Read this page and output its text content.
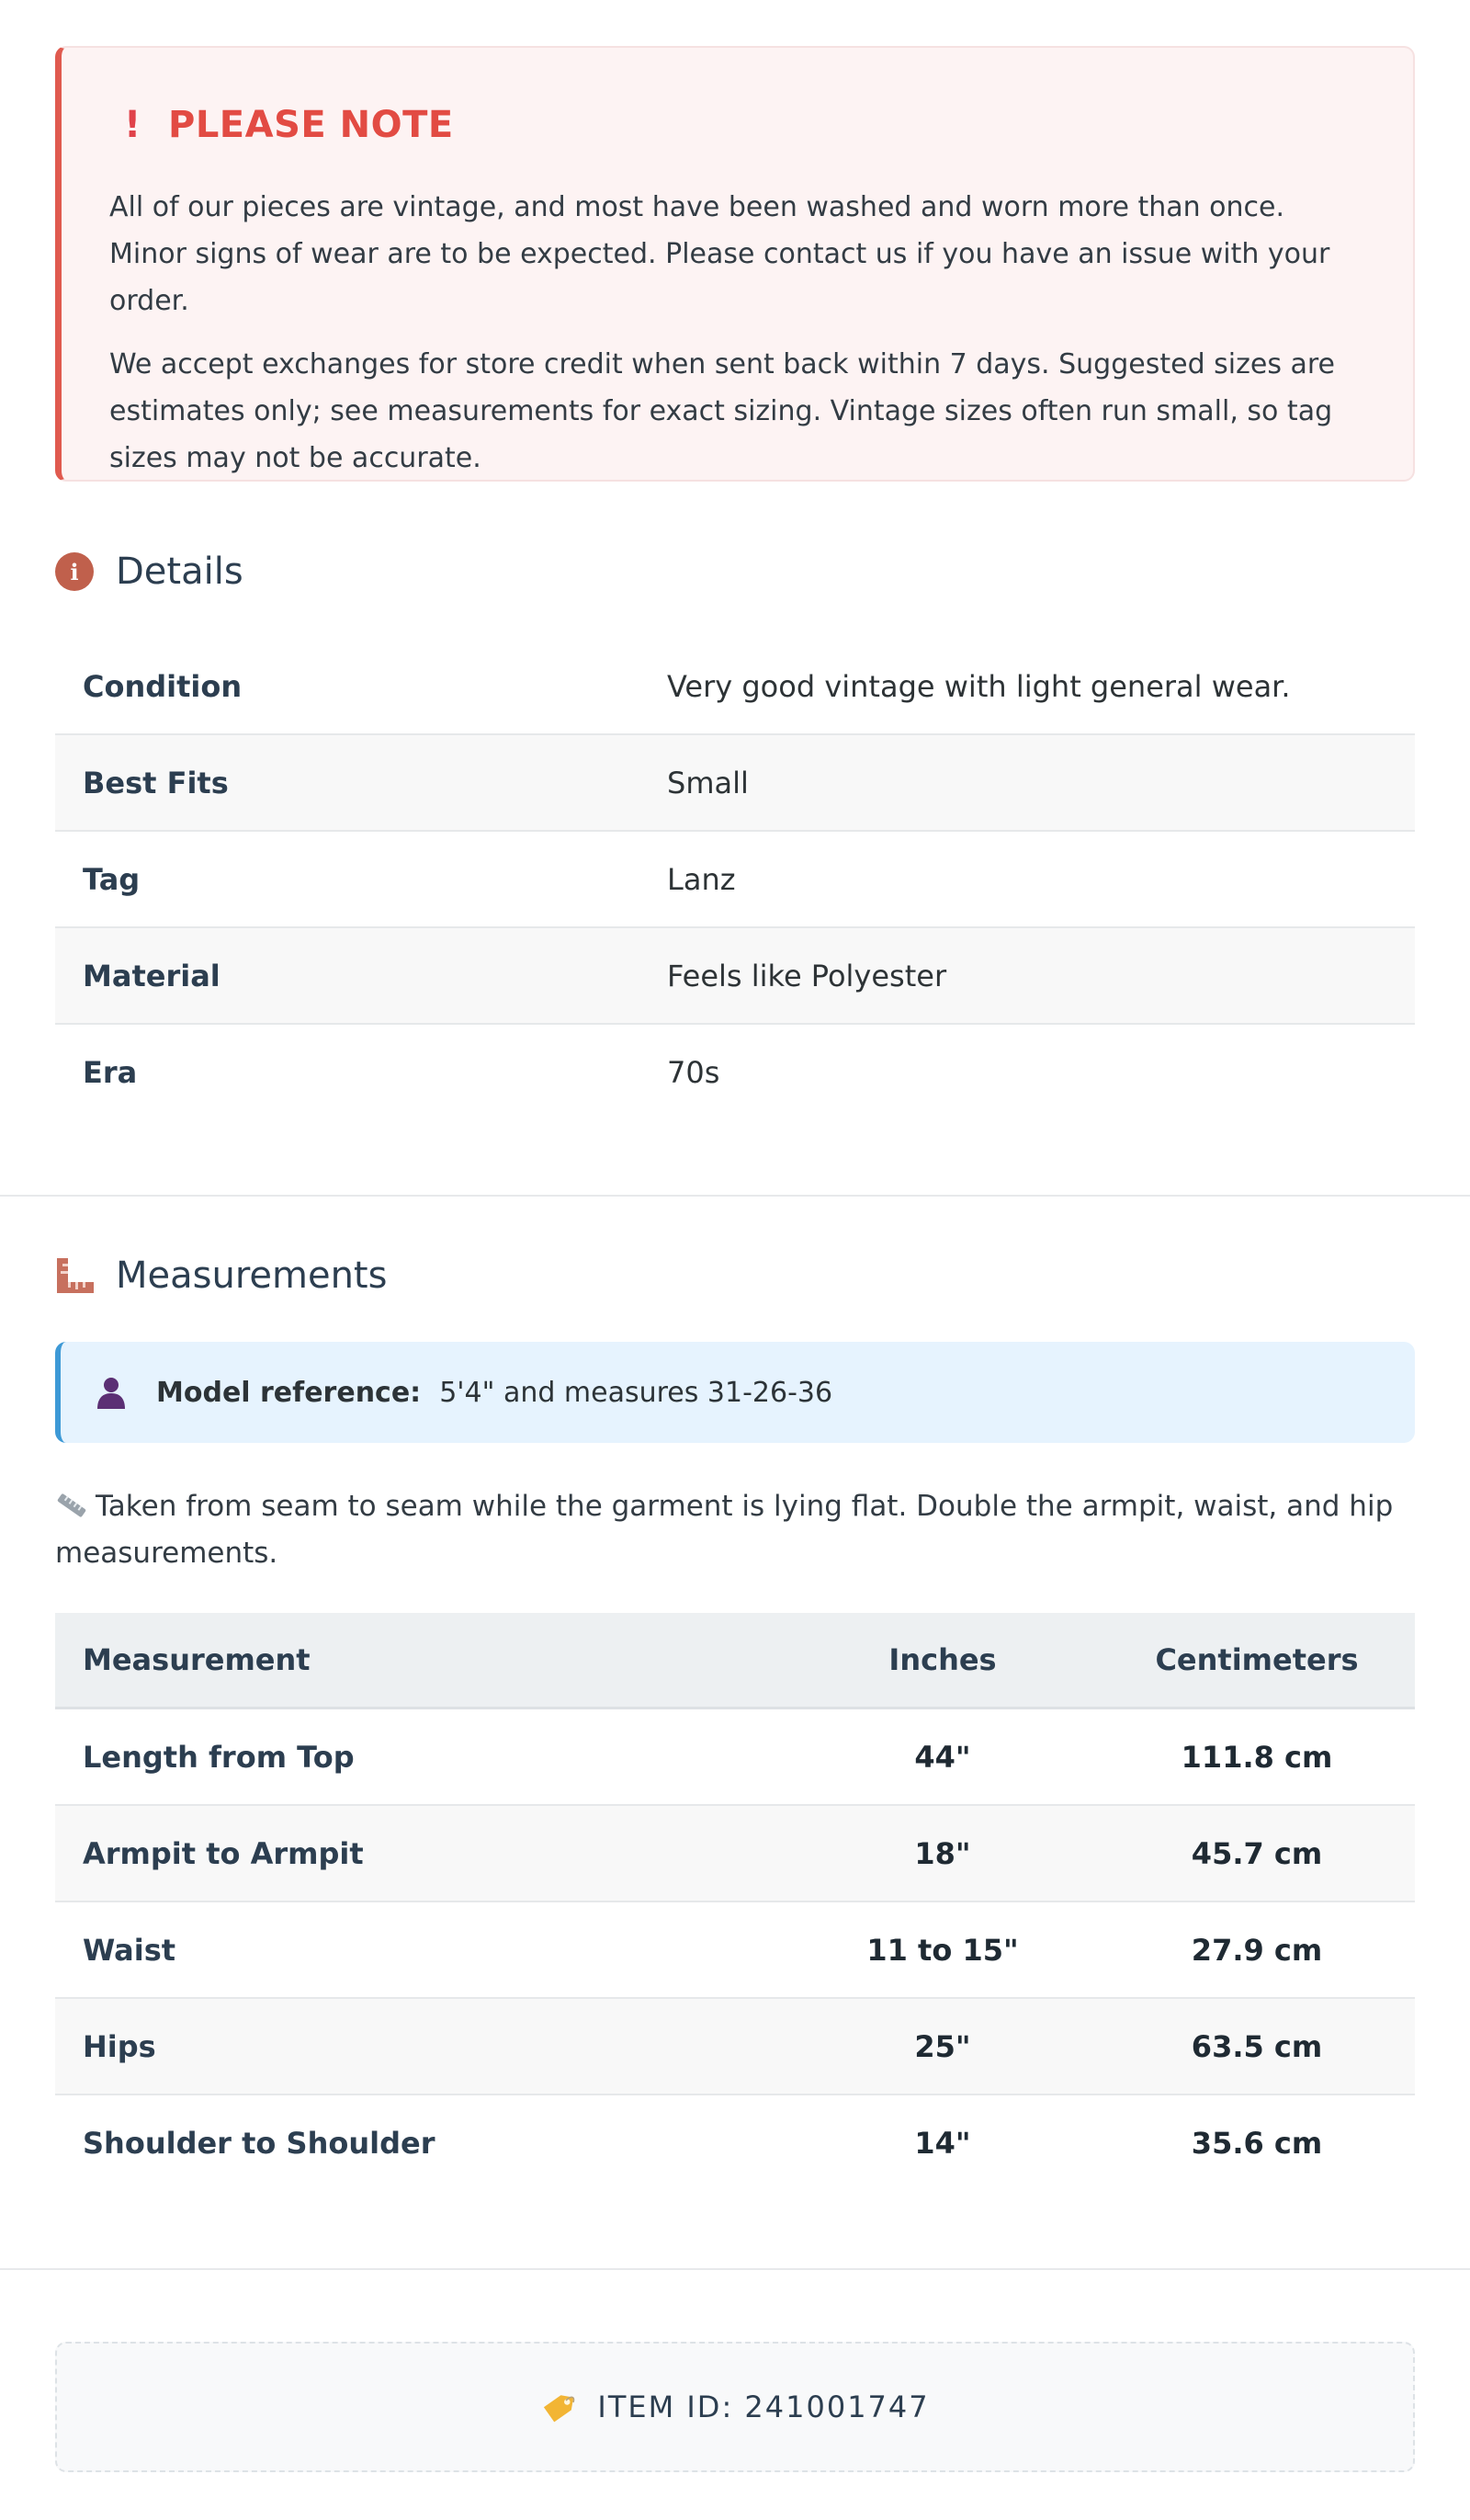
! PLEASE NOTE

All of our pieces are vintage, and most have been washed and worn more than once. Minor signs of wear are to be expected. Please contact us if you have an issue with your order.

We accept exchanges for store credit when sent back within 7 days. Suggested sizes are estimates only; see measurements for exact sizing. Vintage sizes often run small, so tag sizes may not be accurate.

i	Details
Condition	Very good vintage with light general wear.
Best Fits	Small
Tag	Lanz
Material	Feels like Polyester
Era	70s
Measurements
Model reference: 5'4" and measures 31-26-36
Taken from seam to seam while the garment is lying flat. Double the armpit, waist, and hip measurements.
Measurement	Inches	Centimeters
Length from Top	44"	111.8 cm
Armpit to Armpit	18"	45.7 cm
Waist	11 to 15"	27.9 cm
Hips	25"	63.5 cm
Shoulder to Shoulder	14"	35.6 cm
ITEM ID: 241001747
